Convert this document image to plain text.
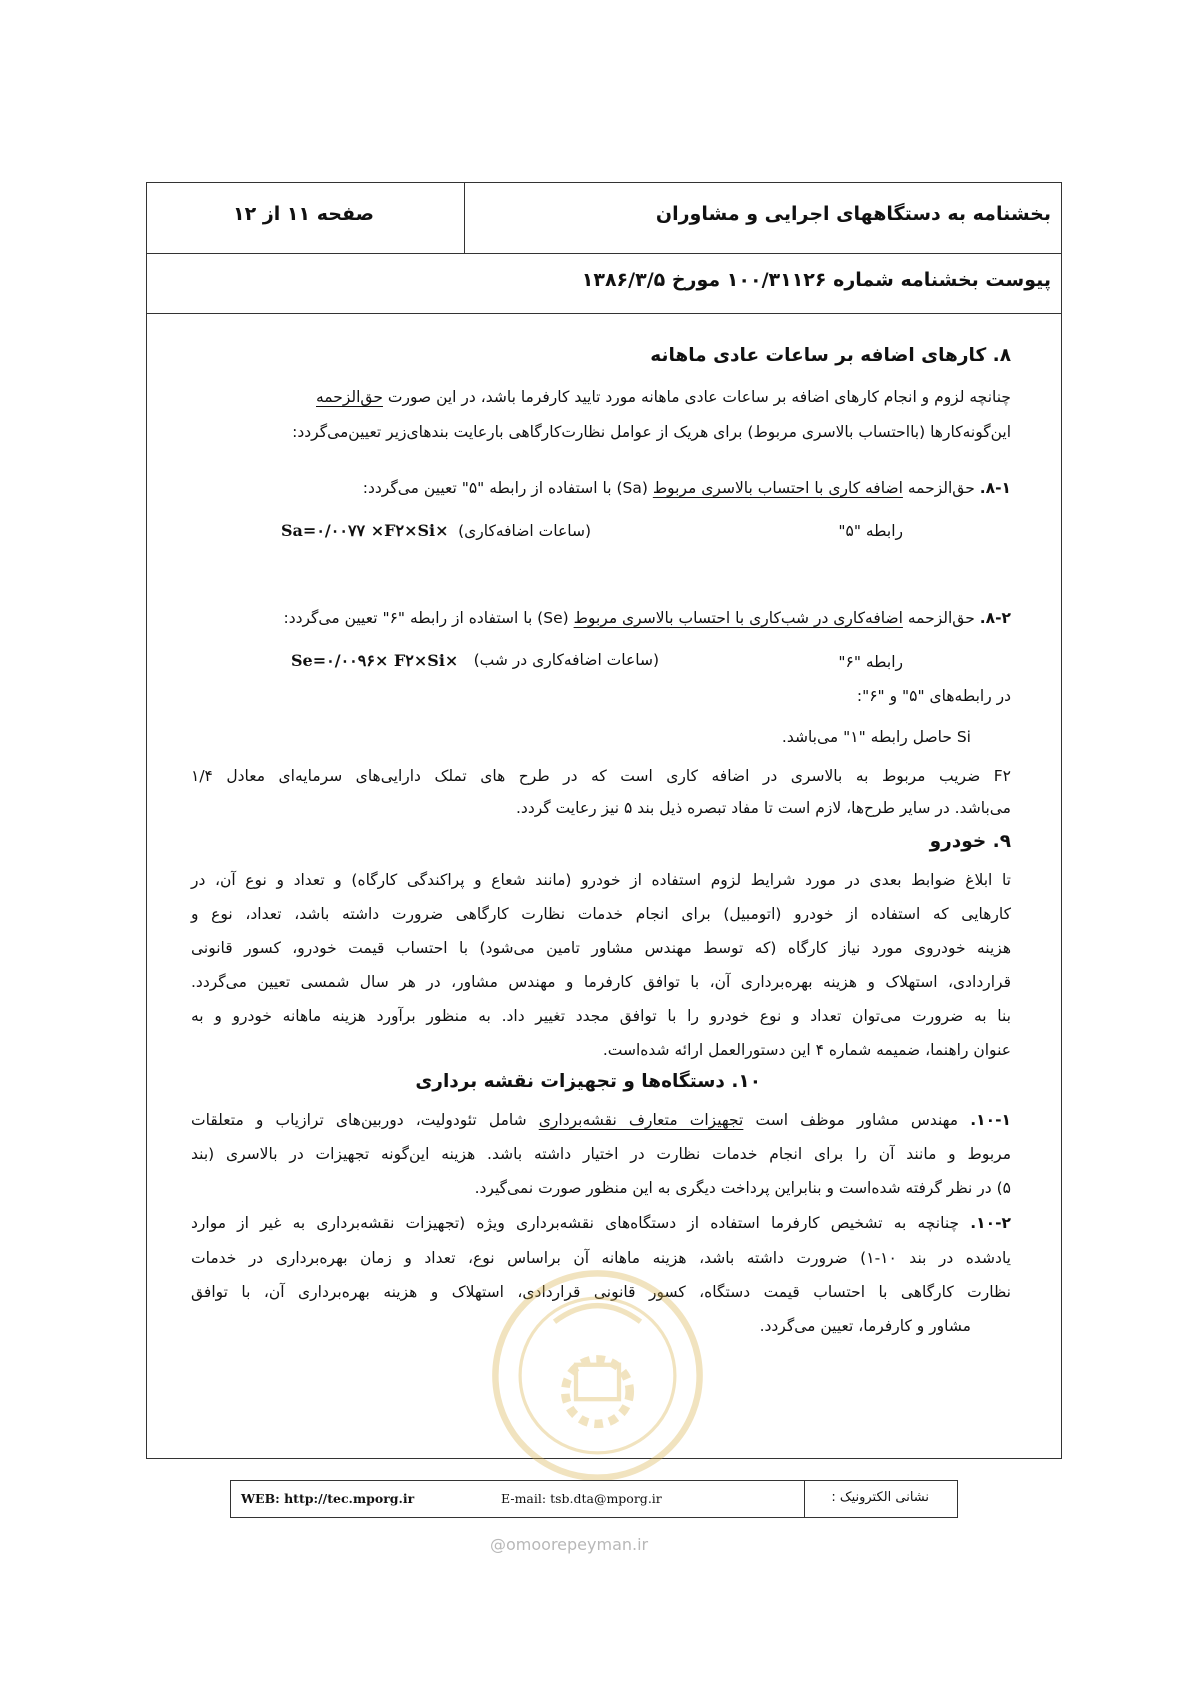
بخشنامه به دستگاههای اجرایی و مشاوران
صفحه ۱۱ از ۱۲
پیوست بخشنامه شماره ۱۰۰/۳۱۱۲۶ مورخ ۱۳۸۶/۳/۵
۸. کارهای اضافه بر ساعات عادی ماهانه
چنانچه لزوم و انجام کارهای اضافه بر ساعات عادی ماهانه مورد تایید کارفرما باشد، در این صورت حق‌الزحمه
این‌گونه‌کارها (بااحتساب بالاسری مربوط) برای هریک از عوامل نظارت‌کارگاهی بارعایت بندهای‌زیر تعیین‌می‌گردد:
۸-۱. حق‌الزحمه اضافه کاری با احتساب بالاسری مربوط (Sa) با استفاده از رابطه "۵" تعیین می‌گردد:
رابطه "۵"
(ساعات اضافه‌کاری)
Sa=۰/۰۰۷۷ ×F۲×Si×
۸-۲. حق‌الزحمه اضافه‌کاری در شب‌کاری با احتساب بالاسری مربوط (Se) با استفاده از رابطه "۶" تعیین می‌گردد:
رابطه "۶"
(ساعات اضافه‌کاری در شب)
Se=۰/۰۰۹۶× F۲×Si×
در رابطه‌های "۵" و "۶":
Si حاصل رابطه "۱" می‌باشد.
F۲ ضریب مربوط به بالاسری در اضافه کاری است که در طرح های تملک دارایی‌های سرمایه‌ای معادل ۱/۴
می‌باشد. در سایر طرح‌ها، لازم است تا مفاد تبصره ذیل بند ۵ نیز رعایت گردد.
۹. خودرو
تا ابلاغ ضوابط بعدی در مورد شرایط لزوم استفاده از خودرو (مانند شعاع و پراکندگی کارگاه) و تعداد و نوع آن، در
کارهایی که استفاده از خودرو (اتومبیل) برای انجام خدمات نظارت کارگاهی ضرورت داشته باشد، تعداد، نوع و
هزینه خودروی مورد نیاز کارگاه (که توسط مهندس مشاور تامین می‌شود) با احتساب قیمت خودرو، کسور قانونی
قراردادی، استهلاک و هزینه بهره‌برداری آن، با توافق کارفرما و مهندس مشاور، در هر سال شمسی تعیین می‌گردد.
بنا به ضرورت می‌توان تعداد و نوع خودرو را با توافق مجدد تغییر داد. به منظور برآورد هزینه ماهانه خودرو و به
عنوان راهنما، ضمیمه شماره ۴ این دستورالعمل ارائه شده‌است.
۱۰. دستگاه‌ها و تجهیزات نقشه برداری
۱۰-۱. مهندس مشاور موظف است تجهیزات متعارف نقشه‌برداری شامل تئودولیت، دوربین‌های ترازیاب و متعلقات
مربوط و مانند آن را برای انجام خدمات نظارت در اختیار داشته باشد. هزینه این‌گونه تجهیزات در بالاسری (بند
۵) در نظر گرفته شده‌است و بنابراین پرداخت دیگری به این منظور صورت نمی‌گیرد.
۱۰-۲. چنانچه به تشخیص کارفرما استفاده از دستگاه‌های نقشه‌برداری ویژه (تجهیزات نقشه‌برداری به غیر از موارد
یادشده در بند ۱۰-۱) ضرورت داشته باشد، هزینه ماهانه آن براساس نوع، تعداد و زمان بهره‌برداری در خدمات
نظارت کارگاهی با احتساب قیمت دستگاه، کسور قانونی قراردادی، استهلاک و هزینه بهره‌برداری آن، با توافق
مشاور و کارفرما، تعیین می‌گردد.
نشانی الکترونیک :
E-mail: tsb.dta@mporg.ir
WEB: http://tec.mporg.ir
@omoorepeyman.ir
